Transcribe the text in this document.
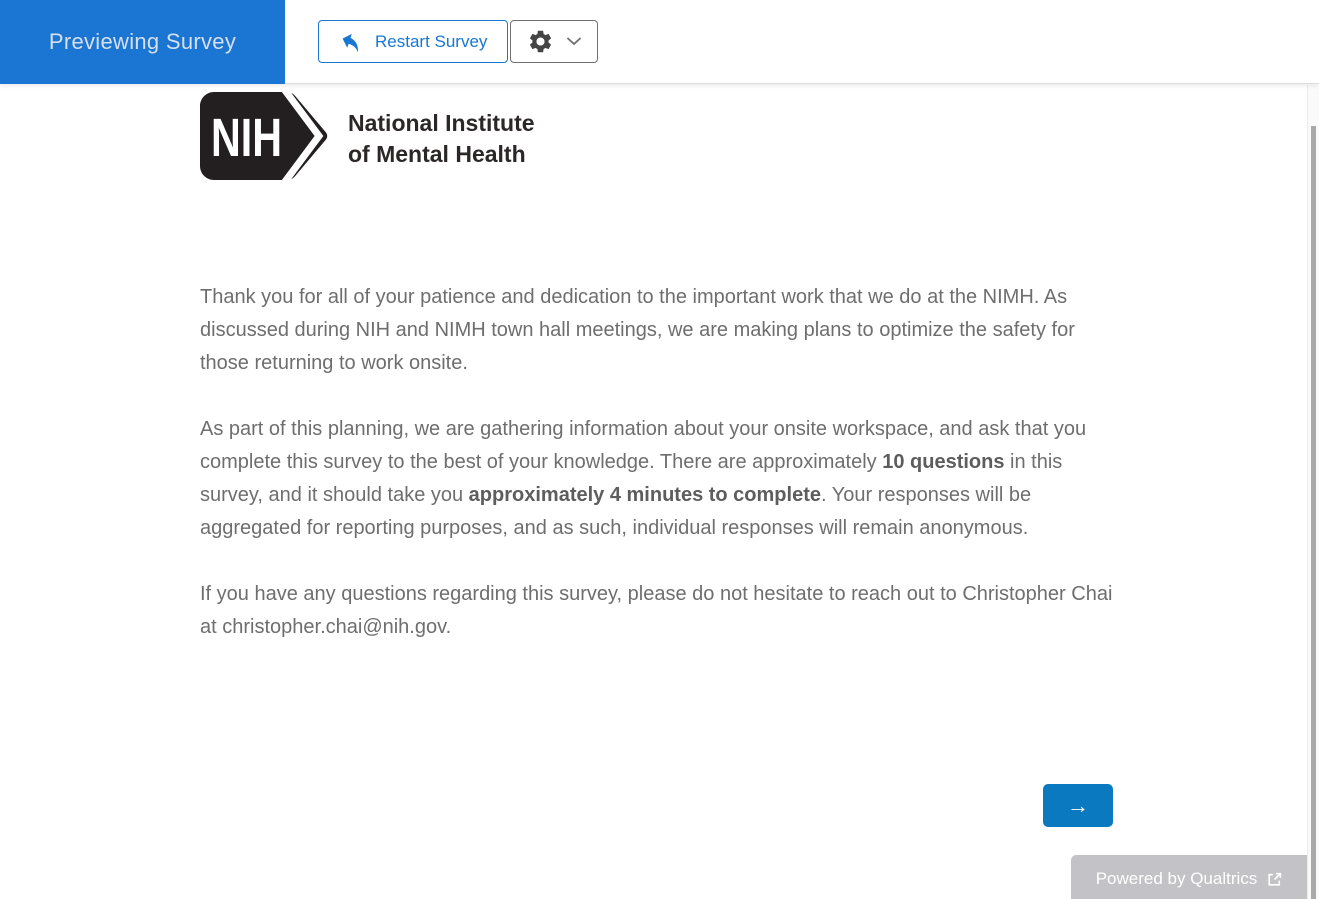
Previewing Survey	Restart Survey
NIH	National Institute
of Mental Health

Thank you for all of your patience and dedication to the important work that we do at the NIMH. As discussed during NIH and NIMH town hall meetings, we are making plans to optimize the safety for those returning to work onsite.

As part of this planning, we are gathering information about your onsite workspace, and ask that you complete this survey to the best of your knowledge. There are approximately 10 questions in this survey, and it should take you approximately 4 minutes to complete. Your responses will be aggregated for reporting purposes, and as such, individual responses will remain anonymous.

If you have any questions regarding this survey, please do not hesitate to reach out to Christopher Chai at christopher.chai@nih.gov.

→
Powered by Qualtrics
